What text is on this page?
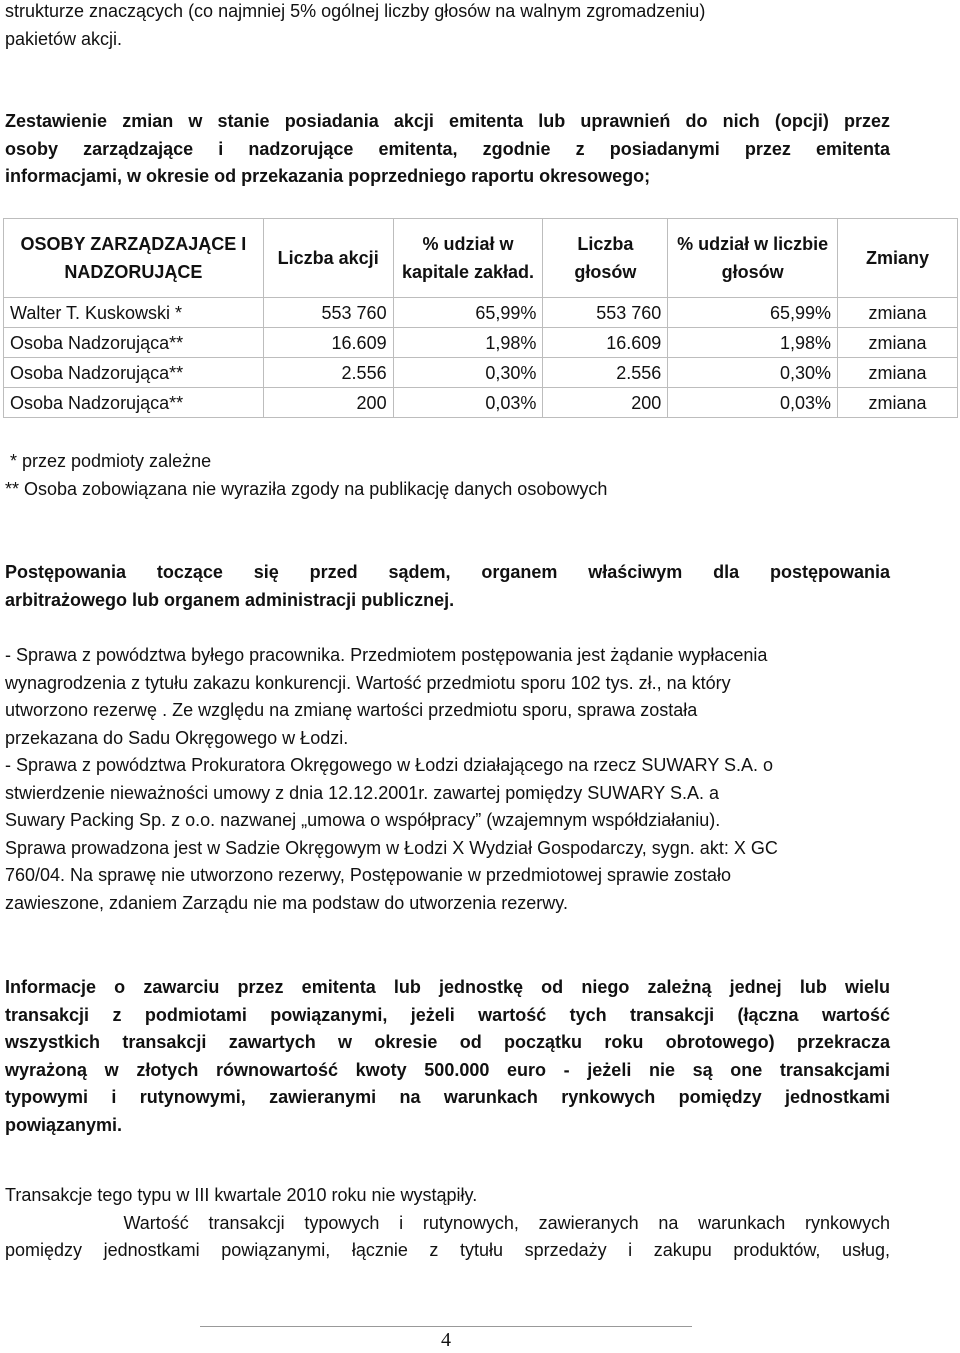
strukturze znaczących (co najmniej 5% ogólnej liczby głosów na walnym zgromadzeniu)
pakietów akcji.
Zestawienie zmian w stanie posiadania akcji emitenta lub uprawnień do nich (opcji) przez
osoby zarządzające i nadzorujące emitenta, zgodnie z posiadanymi przez emitenta
informacjami, w okresie od przekazania poprzedniego raportu okresowego;
OSOBY ZARZĄDZAJĄCE I NADZORUJĄCE	Liczba akcji	% udział w kapitale zakład.	Liczba głosów	% udział w liczbie głosów	Zmiany
Walter T. Kuskowski *	553 760	65,99%	553 760	65,99%	zmiana
Osoba Nadzorująca**	16.609	1,98%	16.609	1,98%	zmiana
Osoba Nadzorująca**	2.556	0,30%	2.556	0,30%	zmiana
Osoba Nadzorująca**	200	0,03%	200	0,03%	zmiana
* przez podmioty zależne
** Osoba zobowiązana nie wyraziła zgody na publikację danych osobowych
Postępowania toczące się przed sądem, organem właściwym dla postępowania
arbitrażowego lub organem administracji publicznej.
- Sprawa z powództwa byłego pracownika. Przedmiotem postępowania jest żądanie wypłacenia
wynagrodzenia z tytułu zakazu konkurencji. Wartość przedmiotu sporu 102 tys. zł., na który
utworzono rezerwę . Ze względu na zmianę wartości przedmiotu sporu, sprawa została
przekazana do Sadu Okręgowego w Łodzi.
- Sprawa z powództwa Prokuratora Okręgowego w Łodzi działającego na rzecz SUWARY S.A. o
stwierdzenie nieważności umowy z dnia 12.12.2001r. zawartej pomiędzy SUWARY S.A. a
Suwary Packing Sp. z o.o. nazwanej „umowa o współpracy” (wzajemnym współdziałaniu).
Sprawa prowadzona jest w Sadzie Okręgowym w Łodzi X Wydział Gospodarczy, sygn. akt: X GC
760/04. Na sprawę nie utworzono rezerwy, Postępowanie w przedmiotowej sprawie zostało
zawieszone, zdaniem Zarządu nie ma podstaw do utworzenia rezerwy.
Informacje o zawarciu przez emitenta lub jednostkę od niego zależną jednej lub wielu
transakcji z podmiotami powiązanymi, jeżeli wartość tych transakcji (łączna wartość
wszystkich transakcji zawartych w okresie od początku roku obrotowego) przekracza
wyrażoną w złotych równowartość kwoty 500.000 euro - jeżeli nie są one transakcjami
typowymi i rutynowymi, zawieranymi na warunkach rynkowych pomiędzy jednostkami
powiązanymi.
Transakcje tego typu w III kwartale 2010 roku nie wystąpiły.
Wartość transakcji typowych i rutynowych, zawieranych na warunkach rynkowych
pomiędzy jednostkami powiązanymi, łącznie z tytułu sprzedaży i zakupu produktów, usług,
4
